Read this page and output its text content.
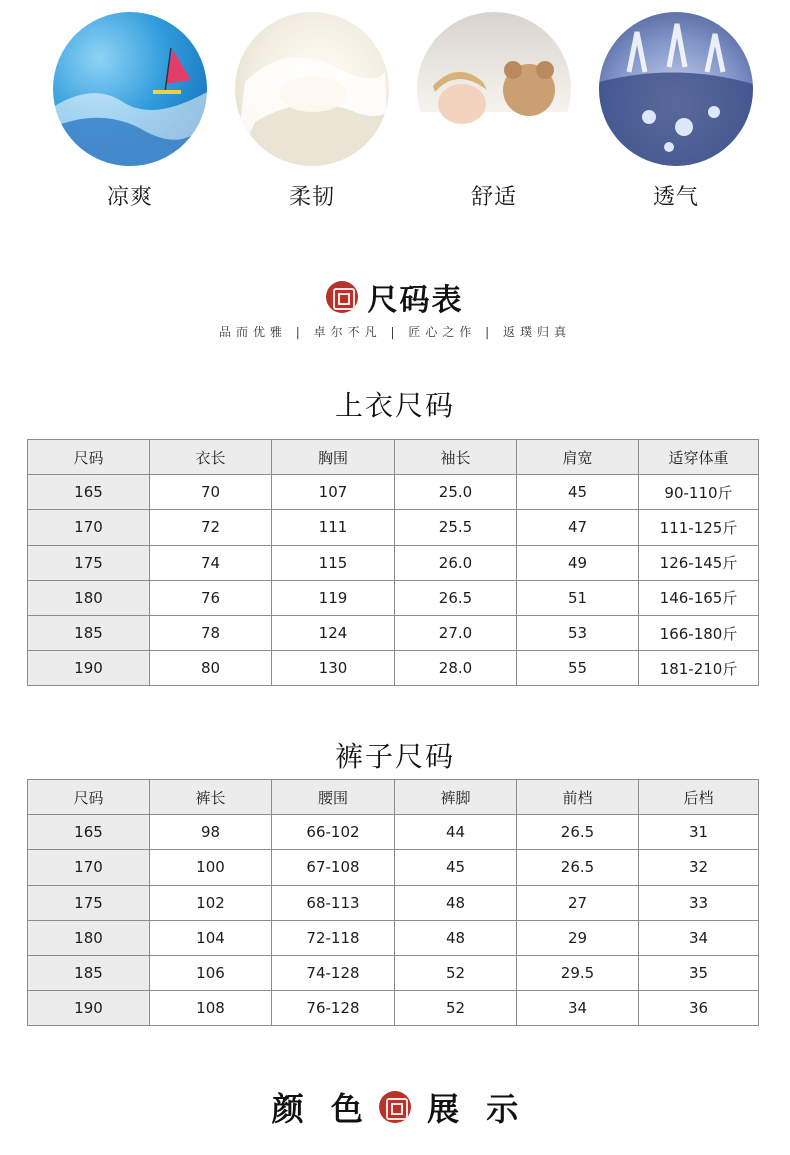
凉爽	柔韧	舒适	透气
尺码表
品而优雅 | 卓尔不凡 | 匠心之作 | 返璞归真
上衣尺码
尺码	衣长	胸围	袖长	肩宽	适穿体重
165	70	107	25.0	45	90-110斤
170	72	111	25.5	47	111-125斤
175	74	115	26.0	49	126-145斤
180	76	119	26.5	51	146-165斤
185	78	124	27.0	53	166-180斤
190	80	130	28.0	55	181-210斤
裤子尺码
尺码	裤长	腰围	裤脚	前档	后档
165	98	66-102	44	26.5	31
170	100	67-108	45	26.5	32
175	102	68-113	48	27	33
180	104	72-118	48	29	34
185	106	74-128	52	29.5	35
190	108	76-128	52	34	36
颜 色 展 示
